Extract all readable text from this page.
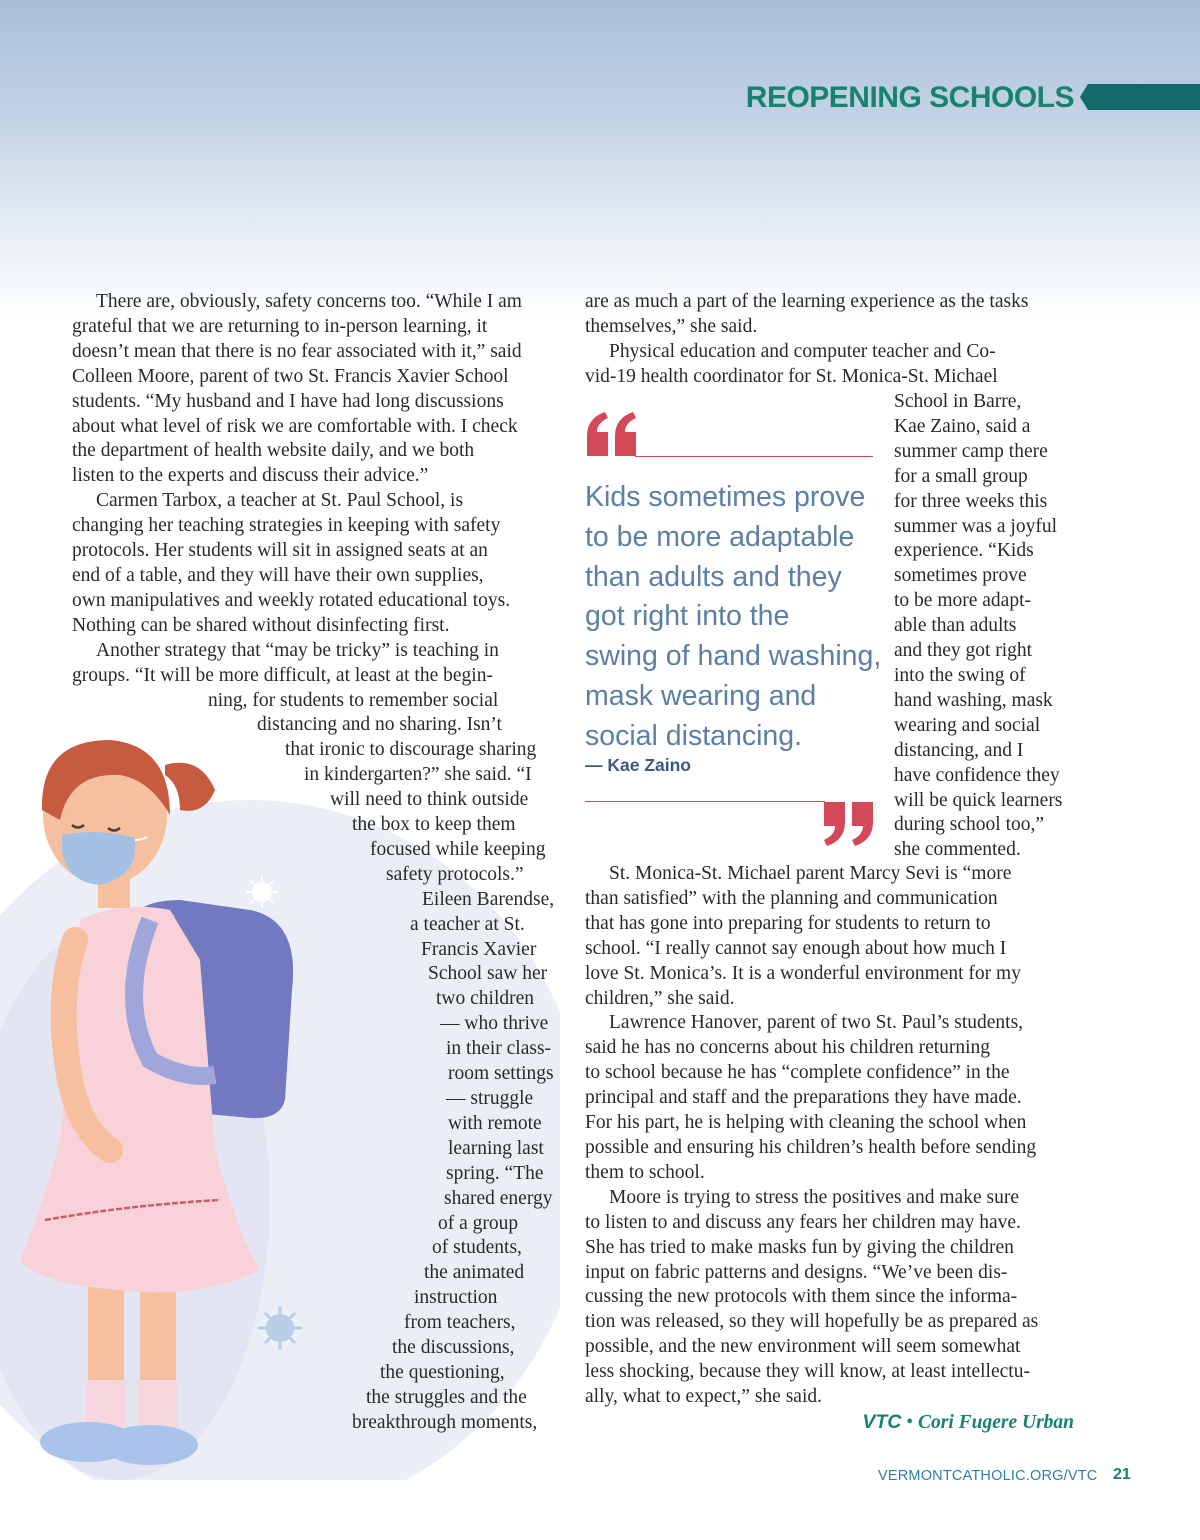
REOPENING SCHOOLS
There are, obviously, safety concerns too. “While I am
grateful that we are returning to in-person learning, it
doesn’t mean that there is no fear associated with it,” said
Colleen Moore, parent of two St. Francis Xavier School
students. “My husband and I have had long discussions
about what level of risk we are comfortable with. I check
the department of health website daily, and we both
listen to the experts and discuss their advice.”
Carmen Tarbox, a teacher at St. Paul School, is
changing her teaching strategies in keeping with safety
protocols. Her students will sit in assigned seats at an
end of a table, and they will have their own supplies,
own manipulatives and weekly rotated educational toys.
Nothing can be shared without disinfecting first.
Another strategy that “may be tricky” is teaching in
groups. “It will be more difficult, at least at the begin-
ning, for students to remember social
distancing and no sharing. Isn’t
that ironic to discourage sharing
in kindergarten?” she said. “I
will need to think outside
the box to keep them
focused while keeping
safety protocols.”
Eileen Barendse,
a teacher at St.
Francis Xavier
School saw her
two children
— who thrive
in their class-
room settings
— struggle
with remote
learning last
spring. “The
shared energy
of a group
of students,
the animated
instruction
from teachers,
the discussions,
the questioning,
the struggles and the
breakthrough moments,
are as much a part of the learning experience as the tasks
themselves,” she said.
Physical education and computer teacher and Co-
vid-19 health coordinator for St. Monica-St. Michael
School in Barre,
Kae Zaino, said a
summer camp there
for a small group
for three weeks this
summer was a joyful
experience. “Kids
sometimes prove
to be more adapt-
able than adults
and they got right
into the swing of
hand washing, mask
wearing and social
distancing, and I
have confidence they
will be quick learners
during school too,”
she commented.
Kids sometimes prove
to be more adaptable
than adults and they
got right into the
swing of hand washing,
mask wearing and
social distancing.
— Kae Zaino
St. Monica-St. Michael parent Marcy Sevi is “more
than satisfied” with the planning and communication
that has gone into preparing for students to return to
school. “I really cannot say enough about how much I
love St. Monica’s. It is a wonderful environment for my
children,” she said.
Lawrence Hanover, parent of two St. Paul’s students,
said he has no concerns about his children returning
to school because he has “complete confidence” in the
principal and staff and the preparations they have made.
For his part, he is helping with cleaning the school when
possible and ensuring his children’s health before sending
them to school.
Moore is trying to stress the positives and make sure
to listen to and discuss any fears her children may have.
She has tried to make masks fun by giving the children
input on fabric patterns and designs. “We’ve been dis-
cussing the new protocols with them since the informa-
tion was released, so they will hopefully be as prepared as
possible, and the new environment will seem somewhat
less shocking, because they will know, at least intellectu-
ally, what to expect,” she said.
VTC • Cori Fugere Urban
VERMONTCATHOLIC.ORG/VTC 21
